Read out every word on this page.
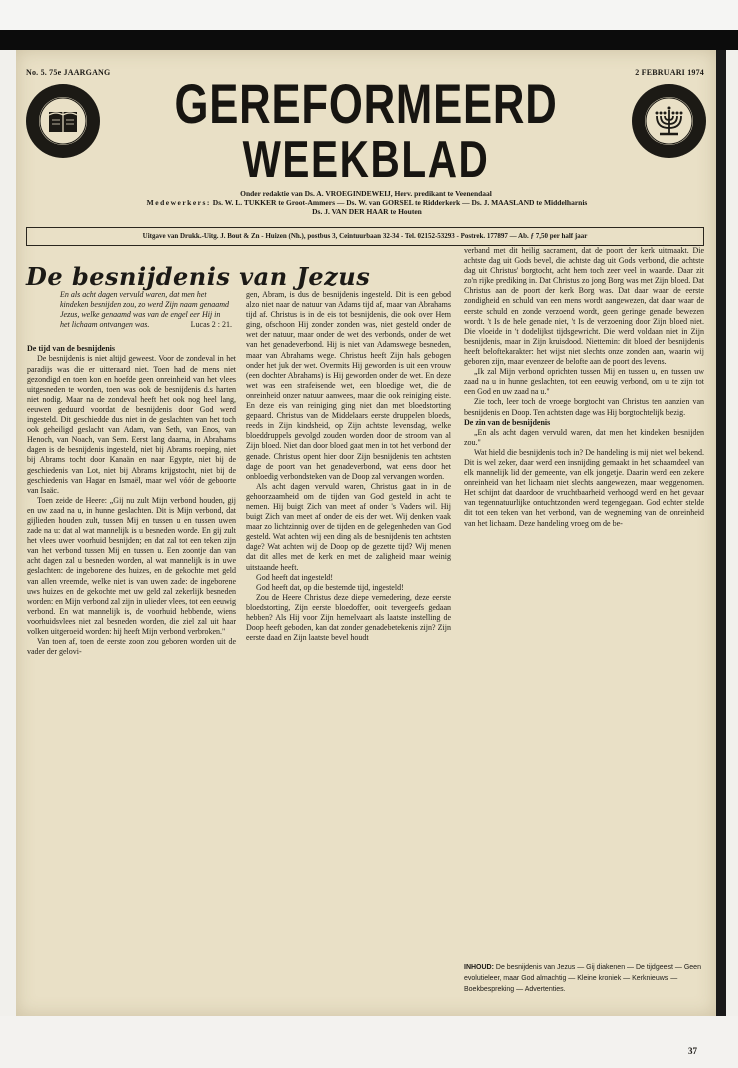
No. 5. 75e JAARGANG	2 FEBRUARI 1974
GEREFORMEERD
WEEKBLAD
Onder redaktie van Ds. A. VROEGINDEWEIJ, Herv. predikant te Veenendaal
Medewerkers: Ds. W. L. TUKKER te Groot-Ammers — Ds. W. van GORSEL te Ridderkerk — Ds. J. MAASLAND te Middelharnis
Ds. J. VAN DER HAAR te Houten
Uitgave van Drukk.-Uitg. J. Bout & Zn - Huizen (Nh.), postbus 3, Ceintuurbaan 32-34 - Tel. 02152-53293 - Postrek. 177897 — Ab. ƒ 7,50 per half jaar
De besnijdenis van Jezus
En als acht dagen vervuld waren, dat men het kindeken besnijden zou, zo werd Zijn naam genaamd Jezus, welke genaamd was van de engel eer Hij in het lichaam ontvangen was.	Lucas 2 : 21.

De tijd van de besnijdenis

De besnijdenis is niet altijd geweest. Voor de zondeval in het paradijs was die er uitteraard niet. Toen had de mens niet gezondigd en toen kon en hoefde geen onreinheid van het vlees uitgesneden te worden, toen was ook de besnijdenis d.s harten niet nodig. Maar na de zondeval heeft het ook nog heel lang, eeuwen geduurd voordat de besnijdenis door God werd ingesteld. Dit geschiedde dus niet in de geslachten van het toch ook geheiligd geslacht van Adam, van Seth, van Enos, van Henoch, van Noach, van Sem. Eerst lang daarna, in Abrahams dagen is de besnijdenis ingesteld, niet bij Abrams roeping, niet bij Abrams tocht door Kanaän en naar Egypte, niet bij de geschiedenis van Lot, niet bij Abrams krijgstocht, niet bij de geschiedenis van Hagar en Ismaël, maar wel vóór de geboorte van Isaäc.

Toen zeide de Heere: „Gij nu zult Mijn verbond houden, gij en uw zaad na u, in hunne geslachten. Dit is Mijn verbond, dat gijlieden houden zult, tussen Mij en tussen u en tussen uwen zade na u: dat al wat mannelijk is u besneden worde. En gij zult het vlees uwer voorhuid besnijden; en dat zal tot een teken zijn van het verbond tussen Mij en tussen u. Een zoontje dan van acht dagen zal u besneden worden, al wat mannelijk is in uwe geslachten: de ingeborene des huizes, en de gekochte met geld van allen vreemde, welke niet is van uwen zade: de ingeborene uws huizes en de gekochte met uw geld zal zekerlijk besneden worden: en Mijn verbond zal zijn in ulieder vlees, tot een eeuwig verbond. En wat mannelijk is, de voorhuid hebbende, wiens voorhuidsvlees niet zal besneden worden, die ziel zal uit haar volken uitgeroeid worden: hij heeft Mijn verbond verbroken."

Van toen af, toen de eerste zoon zou geboren worden uit de vader der gelovi-

gen, Abram, is dus de besnijdenis ingesteld. Dit is een gebod alzo niet naar de natuur van Adams tijd af, maar van Abrahams tijd af. Christus is in de eis tot besnijdenis, die ook over Hem ging, ofschoon Hij zonder zonden was, niet gesteld onder de wet der natuur, maar onder de wet des verbonds, onder de wet van het genadeverbond. Hij is niet van Adamswege besneden, maar van Abrahams wege. Christus heeft Zijn hals gebogen onder het juk der wet. Overmits Hij geworden is uit een vrouw (een dochter Abrahams) is Hij geworden onder de wet. En deze wet was een strafeisende wet, een bloedige wet, die de onreinheid onzer natuur aanwees, maar die ook reiniging eiste. En deze eis van reiniging ging niet dan met bloedstorting gepaard. Christus van de Middelaars eerste druppelen bloeds, reeds in Zijn kindsheid, op Zijn achtste levensdag, welke bloeddruppels gevolgd zouden worden door de stroom van al Zijn bloed. Niet dan door bloed gaat men in tot het verbond der genade. Christus opent hier door Zijn besnijdenis ten achtsten dage de poort van het genadeverbond, wat eens door het onbloedig verbondsteken van de Doop zal vervangen worden.

Als acht dagen vervuld waren, Christus gaat in in de gehoorzaamheid om de tijden van God gesteld in acht te nemen. Hij buigt Zich van meet af onder 's Vaders wil. Hij buigt Zich van meet af onder de eis der wet. Wij denken vaak maar zo lichtzinnig over de tijden en de gelegenheden van God gesteld. Wat achten wij een ding als de besnijdenis ten achtsten dage? Wat achten wij de Doop op de gezette tijd? Wij menen dat dit alles met de kerk en met de zaligheid maar weinig uitstaande heeft.

God heeft dat ingesteld!

God heeft dat, op die bestemde tijd, ingesteld!

Zou de Heere Christus deze diepe vernedering, deze eerste bloedstorting, Zijn eerste bloedoffer, ooit tevergeefs gedaan hebben? Als Hij voor Zijn hemelvaart als laatste instelling de Doop heeft geboden, kan dat zonder genadebetekenis zijn? Zijn eerste daad en Zijn laatste bevel houdt

verband met dit heilig sacrament, dat de poort der kerk uitmaakt. Die achtste dag uit Gods bevel, die achtste dag uit Gods verbond, die achtste dag uit Christus' borgtocht, acht hem toch zeer veel in waarde. Daar zit zo'n rijke prediking in. Dat Christus zo jong Borg was met Zijn bloed. Dat Christus aan de poort der kerk Borg was. Dat daar waar de eerste zondigheid en schuld van een mens wordt aangewezen, dat daar waar de eerste schuld en zonde verzoend wordt, geen geringe genade bewezen wordt. 't Is de hele genade niet, 't Is de verzoening door Zijn bloed niet. Die vloeide in 't dodelijkst tijdsgewricht. Die werd voldaan niet in Zijn besnijdenis, maar in Zijn kruisdood. Niettemin: dit bloed der besnijdenis heeft beloftekarakter: het wijst niet slechts onze zonden aan, waarin wij geboren zijn, maar evenzeer de belofte aan de poort des levens.

„Ik zal Mijn verbond oprichten tussen Mij en tussen u, en tussen uw zaad na u in hunne geslachten, tot een eeuwig verbond, om u te zijn tot een God en uw zaad na u."

Zie toch, leer toch de vroege borgtocht van Christus ten aanzien van besnijdenis en Doop. Ten achtsten dage was Hij borgtochtelijk bezig.

De zin van de besnijdenis

„En als acht dagen vervuld waren, dat men het kindeken besnijden zou."

Wat hield die besnijdenis toch in? De handeling is mij niet wel bekend. Dit is wel zeker, daar werd een insnijding gemaakt in het schaamdeel van elk mannelijk lid der gemeente, van elk jongetje. Daarin werd een zekere onreinheid van het lichaam niet slechts aangewezen, maar weggenomen. Het schijnt dat daardoor de vruchtbaarheid verhoogd werd en het gevaar van tegennatuurlijke ontuchtzonden werd tegengegaan. God echter stelde dit tot een teken van het verbond, van de wegneming van de onreinheid van het lichaam. Deze handeling vroeg om de be-

INHOUD: De besnijdenis van Jezus — Gij diakenen — De tijdgeest — Geen evolutieleer, maar God almachtig — Kleine kroniek — Kerknieuws — Boekbespreking — Advertenties.
37
